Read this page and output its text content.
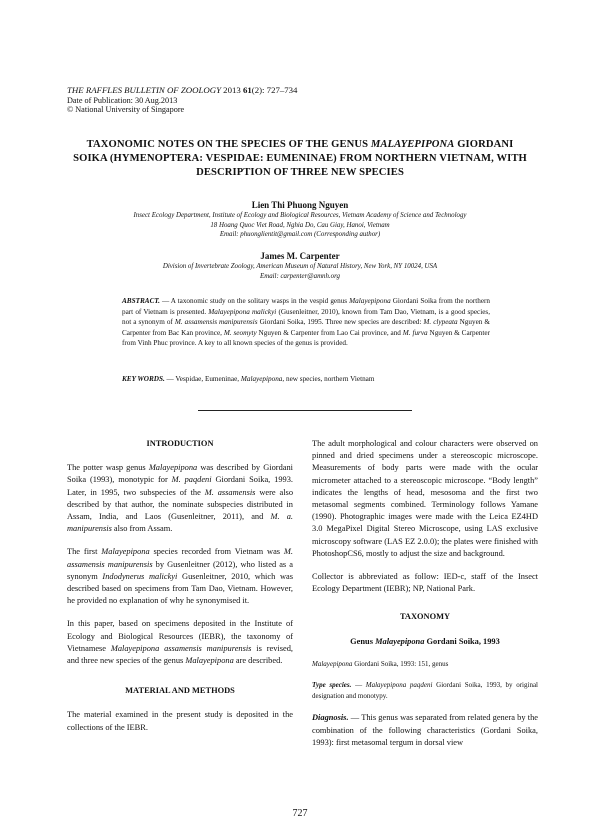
THE RAFFLES BULLETIN OF ZOOLOGY 2013 61(2): 727–734
Date of Publication: 30 Aug.2013
© National University of Singapore
TAXONOMIC NOTES ON THE SPECIES OF THE GENUS MALAYEPIPONA GIORDANI SOIKA (HYMENOPTERA: VESPIDAE: EUMENINAE) FROM NORTHERN VIETNAM, WITH DESCRIPTION OF THREE NEW SPECIES
Lien Thi Phuong Nguyen
Insect Ecology Department, Institute of Ecology and Biological Resources, Vietnam Academy of Science and Technology
18 Hoang Quoc Viet Road, Nghia Do, Cau Giay, Hanoi, Vietnam
Email: phuonglientit@gmail.com (Corresponding author)
James M. Carpenter
Division of Invertebrate Zoology, American Museum of Natural History, New York, NY 10024, USA
Email: carpenter@amnh.org
ABSTRACT. — A taxonomic study on the solitary wasps in the vespid genus Malayepipona Giordani Soika from the northern part of Vietnam is presented. Malayepipona malickyi (Gusenleitner, 2010), known from Tam Dao, Vietnam, is a good species, not a synonym of M. assamensis manipurensis Giordani Soika, 1995. Three new species are described: M. clypeata Nguyen & Carpenter from Bac Kan province, M. seomyty Nguyen & Carpenter from Lao Cai province, and M. furva Nguyen & Carpenter from Vinh Phuc province. A key to all known species of the genus is provided.
KEY WORDS. — Vespidae, Eumeninae, Malayepipona, new species, northern Vietnam
INTRODUCTION

The potter wasp genus Malayepipona was described by Giordani Soika (1993), monotypic for M. paqdeni Giordani Soika, 1993. Later, in 1995, two subspecies of the M. assamensis were also described by that author, the nominate subspecies distributed in Assam, India, and Laos (Gusenleitner, 2011), and M. a. manipurensis also from Assam.

The first Malayepipona species recorded from Vietnam was M. assamensis manipurensis by Gusenleitner (2012), who listed as a synonym Indodynerus malickyi Gusenleitner, 2010, which was described based on specimens from Tam Dao, Vietnam. However, he provided no explanation of why he synonymised it.

In this paper, based on specimens deposited in the Institute of Ecology and Biological Resources (IEBR), the taxonomy of Vietnamese Malayepipona assamensis manipurensis is revised, and three new species of the genus Malayepipona are described.

MATERIAL AND METHODS

The material examined in the present study is deposited in the collections of the IEBR.

The adult morphological and colour characters were observed on pinned and dried specimens under a stereoscopic microscope. Measurements of body parts were made with the ocular micrometer attached to a stereoscopic microscope. “Body length” indicates the lengths of head, mesosoma and the first two metasomal segments combined. Terminology follows Yamane (1990). Photographic images were made with the Leica EZ4HD 3.0 MegaPixel Digital Stereo Microscope, using LAS exclusive microscopy software (LAS EZ 2.0.0); the plates were finished with PhotoshopCS6, mostly to adjust the size and background.

Collector is abbreviated as follow: IED-c, staff of the Insect Ecology Department (IEBR); NP, National Park.

TAXONOMY
Genus Malayepipona Gordani Soika, 1993

Malayepipona Giordani Soika, 1993: 151, genus

Type species. — Malayepipona paqdeni Giordani Soika, 1993, by original designation and monotypy.

Diagnosis. — This genus was separated from related genera by the combination of the following characteristics (Gordani Soika, 1993): first metasomal tergum in dorsal view

727
